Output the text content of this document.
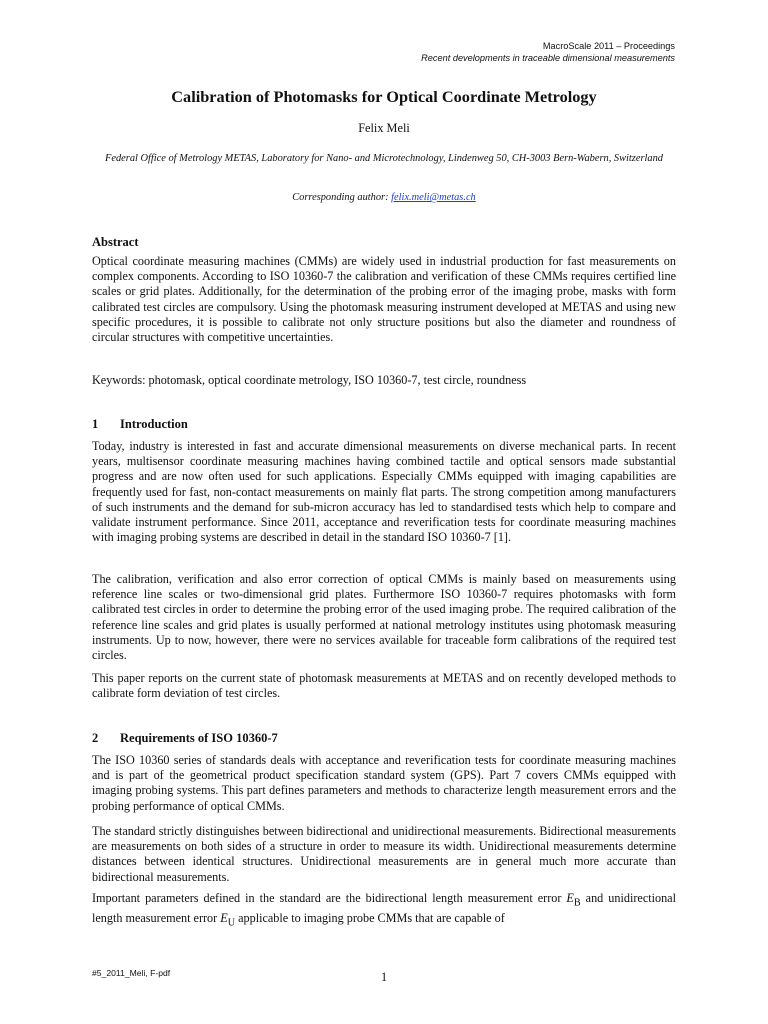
MacroScale 2011 – Proceedings
Recent developments in traceable dimensional measurements
Calibration of Photomasks for Optical Coordinate Metrology
Felix Meli
Federal Office of Metrology METAS, Laboratory for Nano- and Microtechnology, Lindenweg 50, CH-3003 Bern-Wabern, Switzerland
Corresponding author: felix.meli@metas.ch
Abstract

Optical coordinate measuring machines (CMMs) are widely used in industrial production for fast measurements on complex components. According to ISO 10360-7 the calibration and verification of these CMMs requires certified line scales or grid plates. Additionally, for the determination of the probing error of the imaging probe, masks with form calibrated test circles are compulsory. Using the photomask measuring instrument developed at METAS and using new specific procedures, it is possible to calibrate not only structure positions but also the diameter and roundness of circular structures with competitive uncertainties.

Keywords: photomask, optical coordinate metrology, ISO 10360-7, test circle, roundness

1 Introduction

Today, industry is interested in fast and accurate dimensional measurements on diverse mechanical parts. In recent years, multisensor coordinate measuring machines having combined tactile and optical sensors made substantial progress and are now often used for such applications. Especially CMMs equipped with imaging capabilities are frequently used for fast, non-contact measurements on mainly flat parts. The strong competition among manufacturers of such instruments and the demand for sub-micron accuracy has led to standardised tests which help to compare and validate instrument performance. Since 2011, acceptance and reverification tests for coordinate measuring machines with imaging probing systems are described in detail in the standard ISO 10360-7 [1].

The calibration, verification and also error correction of optical CMMs is mainly based on measurements using reference line scales or two-dimensional grid plates. Furthermore ISO 10360-7 requires photomasks with form calibrated test circles in order to determine the probing error of the used imaging probe. The required calibration of the reference line scales and grid plates is usually performed at national metrology institutes using photomask measuring instruments. Up to now, however, there were no services available for traceable form calibrations of the required test circles.

This paper reports on the current state of photomask measurements at METAS and on recently developed methods to calibrate form deviation of test circles.

2 Requirements of ISO 10360-7

The ISO 10360 series of standards deals with acceptance and reverification tests for coordinate measuring machines and is part of the geometrical product specification standard system (GPS). Part 7 covers CMMs equipped with imaging probing systems. This part defines parameters and methods to characterize length measurement errors and the probing performance of optical CMMs.

The standard strictly distinguishes between bidirectional and unidirectional measurements. Bidirectional measurements are measurements on both sides of a structure in order to measure its width. Unidirectional measurements determine distances between identical structures. Unidirectional measurements are in general much more accurate than bidirectional measurements.

Important parameters defined in the standard are the bidirectional length measurement error $E_B$ and unidirectional length measurement error $E_U$ applicable to imaging probe CMMs that are capable of

#5_2011_Meli, F-pdf	1
